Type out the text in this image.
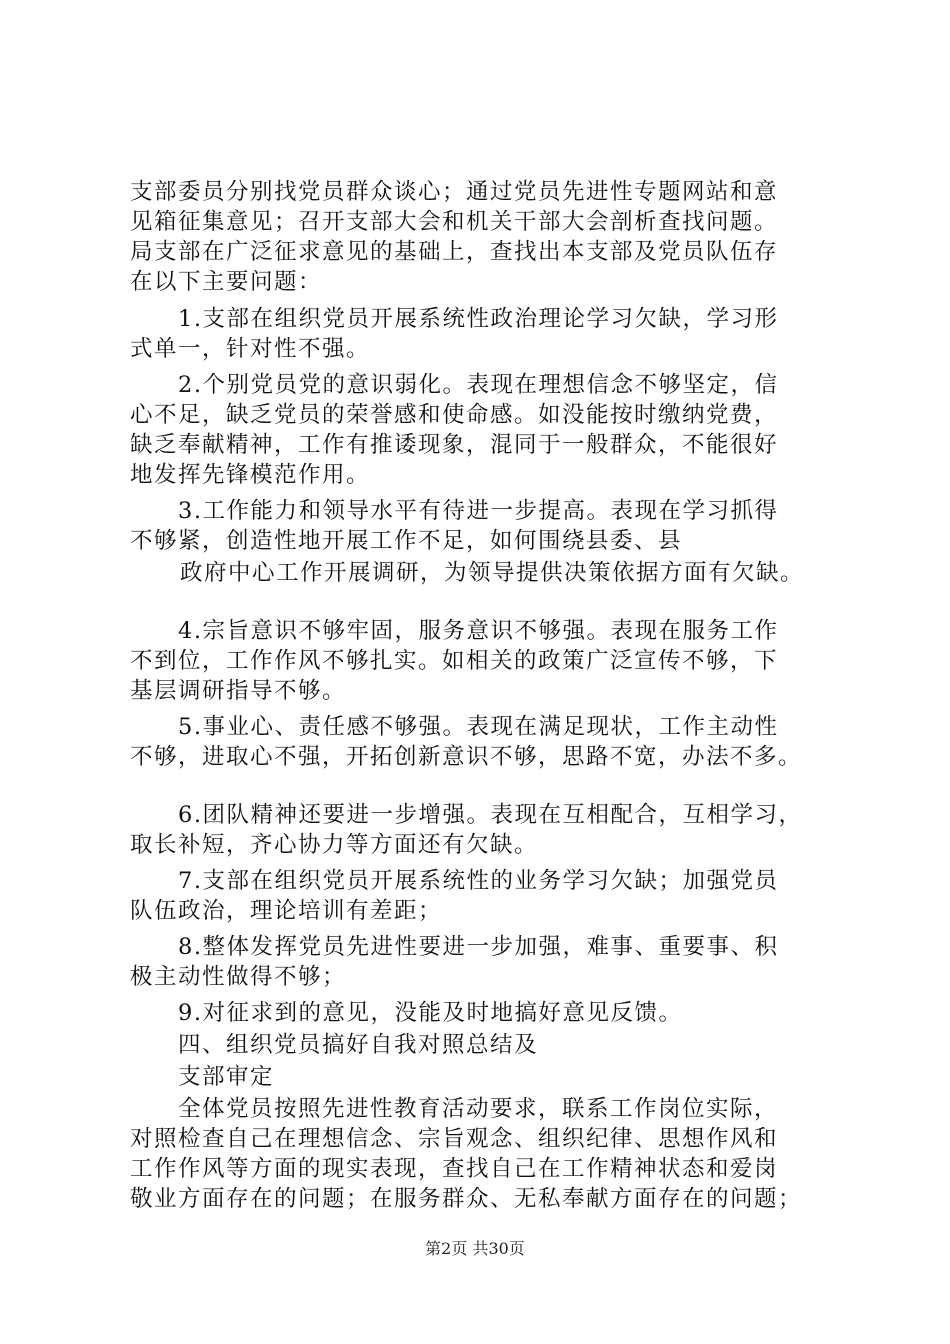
支部委员分别找党员群众谈心；通过党员先进性专题网站和意
见箱征集意见；召开支部大会和机关干部大会剖析查找问题。
局支部在广泛征求意见的基础上，查找出本支部及党员队伍存
在以下主要问题：
1.支部在组织党员开展系统性政治理论学习欠缺，学习形
式单一，针对性不强。
2.个别党员党的意识弱化。表现在理想信念不够坚定，信
心不足，缺乏党员的荣誉感和使命感。如没能按时缴纳党费，
缺乏奉献精神，工作有推诿现象，混同于一般群众，不能很好
地发挥先锋模范作用。
3.工作能力和领导水平有待进一步提高。表现在学习抓得
不够紧，创造性地开展工作不足，如何围绕县委、县
政府中心工作开展调研，为领导提供决策依据方面有欠缺。
4.宗旨意识不够牢固，服务意识不够强。表现在服务工作
不到位，工作作风不够扎实。如相关的政策广泛宣传不够，下
基层调研指导不够。
5.事业心、责任感不够强。表现在满足现状，工作主动性
不够，进取心不强，开拓创新意识不够，思路不宽，办法不多。
6.团队精神还要进一步增强。表现在互相配合，互相学习，
取长补短，齐心协力等方面还有欠缺。
7.支部在组织党员开展系统性的业务学习欠缺；加强党员
队伍政治，理论培训有差距；
8.整体发挥党员先进性要进一步加强，难事、重要事、积
极主动性做得不够；
9.对征求到的意见，没能及时地搞好意见反馈。
四、组织党员搞好自我对照总结及
支部审定
全体党员按照先进性教育活动要求，联系工作岗位实际，
对照检查自己在理想信念、宗旨观念、组织纪律、思想作风和
工作作风等方面的现实表现，查找自己在工作精神状态和爱岗
敬业方面存在的问题；在服务群众、无私奉献方面存在的问题；
第2页 共30页
